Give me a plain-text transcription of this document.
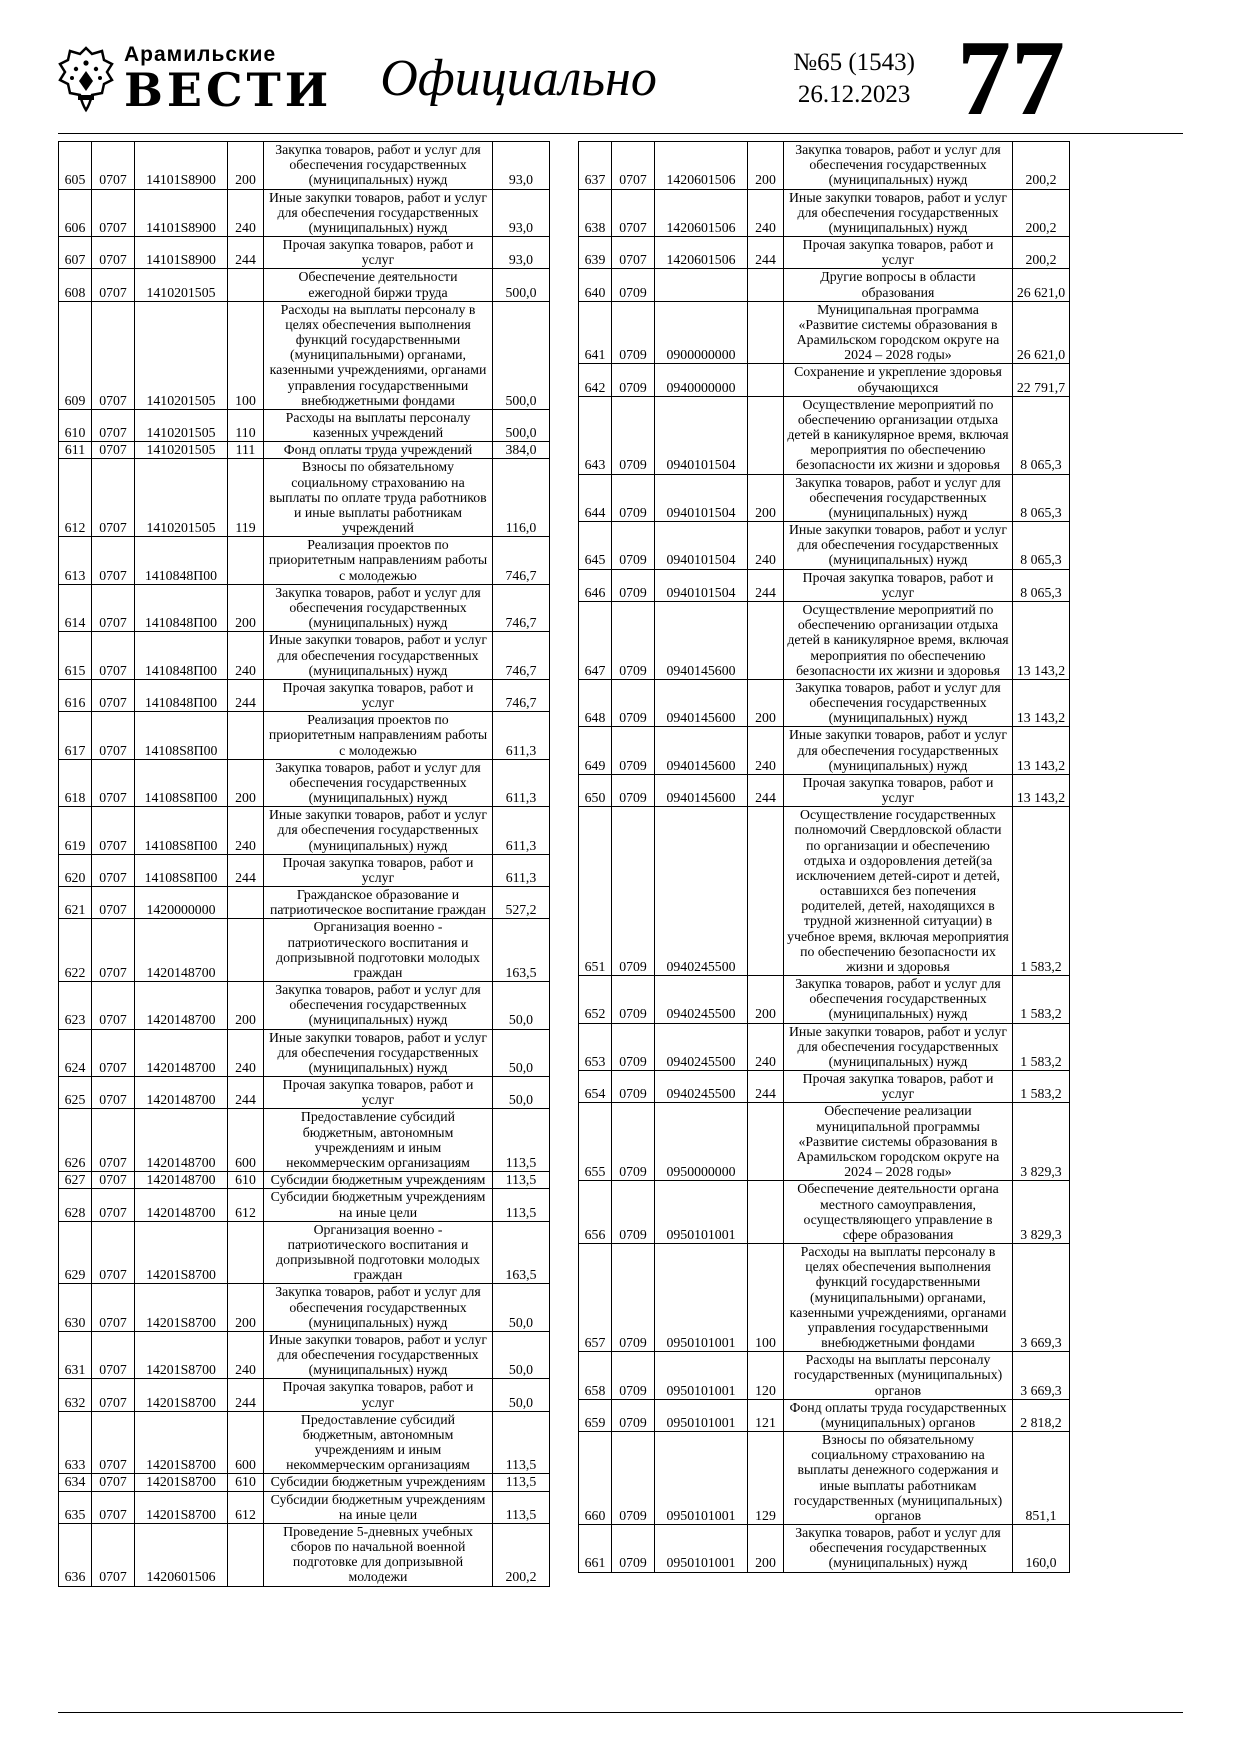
Арамильские
ВЕСТИ Официально	№65 (1543)
26.12.2023 77
605	0707	14101S8900	200	Закупка товаров, работ и услуг для обеспечения государственных (муниципальных) нужд	93,0
606	0707	14101S8900	240	Иные закупки товаров, работ и услуг для обеспечения государственных (муниципальных) нужд	93,0
607	0707	14101S8900	244	Прочая закупка товаров, работ и услуг	93,0
608	0707	1410201505		Обеспечение деятельности ежегодной биржи труда	500,0
609	0707	1410201505	100	Расходы на выплаты персоналу в целях обеспечения выполнения функций государственными (муниципальными) органами, казенными учреждениями, органами управления государственными внебюджетными фондами	500,0
610	0707	1410201505	110	Расходы на выплаты персоналу казенных учреждений	500,0
611	0707	1410201505	111	Фонд оплаты труда учреждений	384,0
612	0707	1410201505	119	Взносы по обязательному социальному страхованию на выплаты по оплате труда работников и иные выплаты работникам учреждений	116,0
613	0707	1410848П00		Реализация проектов по приоритетным направлениям работы с молодежью	746,7
614	0707	1410848П00	200	Закупка товаров, работ и услуг для обеспечения государственных (муниципальных) нужд	746,7
615	0707	1410848П00	240	Иные закупки товаров, работ и услуг для обеспечения государственных (муниципальных) нужд	746,7
616	0707	1410848П00	244	Прочая закупка товаров, работ и услуг	746,7
617	0707	14108S8П00		Реализация проектов по приоритетным направлениям работы с молодежью	611,3
618	0707	14108S8П00	200	Закупка товаров, работ и услуг для обеспечения государственных (муниципальных) нужд	611,3
619	0707	14108S8П00	240	Иные закупки товаров, работ и услуг для обеспечения государственных (муниципальных) нужд	611,3
620	0707	14108S8П00	244	Прочая закупка товаров, работ и услуг	611,3
621	0707	1420000000		Гражданское образование и патриотическое воспитание граждан	527,2
622	0707	1420148700		Организация военно - патриотического воспитания и допризывной подготовки молодых граждан	163,5
623	0707	1420148700	200	Закупка товаров, работ и услуг для обеспечения государственных (муниципальных) нужд	50,0
624	0707	1420148700	240	Иные закупки товаров, работ и услуг для обеспечения государственных (муниципальных) нужд	50,0
625	0707	1420148700	244	Прочая закупка товаров, работ и услуг	50,0
626	0707	1420148700	600	Предоставление субсидий бюджетным, автономным учреждениям и иным некоммерческим организациям	113,5
627	0707	1420148700	610	Субсидии бюджетным учреждениям	113,5
628	0707	1420148700	612	Субсидии бюджетным учреждениям на иные цели	113,5
629	0707	14201S8700		Организация военно - патриотического воспитания и допризывной подготовки молодых граждан	163,5
630	0707	14201S8700	200	Закупка товаров, работ и услуг для обеспечения государственных (муниципальных) нужд	50,0
631	0707	14201S8700	240	Иные закупки товаров, работ и услуг для обеспечения государственных (муниципальных) нужд	50,0
632	0707	14201S8700	244	Прочая закупка товаров, работ и услуг	50,0
633	0707	14201S8700	600	Предоставление субсидий бюджетным, автономным учреждениям и иным некоммерческим организациям	113,5
634	0707	14201S8700	610	Субсидии бюджетным учреждениям	113,5
635	0707	14201S8700	612	Субсидии бюджетным учреждениям на иные цели	113,5
636	0707	1420601506		Проведение 5-дневных учебных сборов по начальной военной подготовке для допризывной молодежи	200,2
637	0707	1420601506	200	Закупка товаров, работ и услуг для обеспечения государственных (муниципальных) нужд	200,2
638	0707	1420601506	240	Иные закупки товаров, работ и услуг для обеспечения государственных (муниципальных) нужд	200,2
639	0707	1420601506	244	Прочая закупка товаров, работ и услуг	200,2
640	0709			Другие вопросы в области образования	26 621,0
641	0709	0900000000		Муниципальная программа «Развитие системы образования в Арамильском городском округе на 2024 – 2028 годы»	26 621,0
642	0709	0940000000		Сохранение и укрепление здоровья обучающихся	22 791,7
643	0709	0940101504		Осуществление мероприятий по обеспечению организации отдыха детей в каникулярное время, включая мероприятия по обеспечению безопасности их жизни и здоровья	8 065,3
644	0709	0940101504	200	Закупка товаров, работ и услуг для обеспечения государственных (муниципальных) нужд	8 065,3
645	0709	0940101504	240	Иные закупки товаров, работ и услуг для обеспечения государственных (муниципальных) нужд	8 065,3
646	0709	0940101504	244	Прочая закупка товаров, работ и услуг	8 065,3
647	0709	0940145600		Осуществление мероприятий по обеспечению организации отдыха детей в каникулярное время, включая мероприятия по обеспечению безопасности их жизни и здоровья	13 143,2
648	0709	0940145600	200	Закупка товаров, работ и услуг для обеспечения государственных (муниципальных) нужд	13 143,2
649	0709	0940145600	240	Иные закупки товаров, работ и услуг для обеспечения государственных (муниципальных) нужд	13 143,2
650	0709	0940145600	244	Прочая закупка товаров, работ и услуг	13 143,2
651	0709	0940245500		Осуществление государственных полномочий Свердловской области по организации и обеспечению отдыха и оздоровления детей(за исключением детей-сирот и детей, оставшихся без попечения родителей, детей, находящихся в трудной жизненной ситуации) в учебное время, включая мероприятия по обеспечению безопасности их жизни и здоровья	1 583,2
652	0709	0940245500	200	Закупка товаров, работ и услуг для обеспечения государственных (муниципальных) нужд	1 583,2
653	0709	0940245500	240	Иные закупки товаров, работ и услуг для обеспечения государственных (муниципальных) нужд	1 583,2
654	0709	0940245500	244	Прочая закупка товаров, работ и услуг	1 583,2
655	0709	0950000000		Обеспечение реализации муниципальной программы «Развитие системы образования в Арамильском городском округе на 2024 – 2028 годы»	3 829,3
656	0709	0950101001		Обеспечение деятельности органа местного самоуправления, осуществляющего управление в сфере образования	3 829,3
657	0709	0950101001	100	Расходы на выплаты персоналу в целях обеспечения выполнения функций государственными (муниципальными) органами, казенными учреждениями, органами управления государственными внебюджетными фондами	3 669,3
658	0709	0950101001	120	Расходы на выплаты персоналу государственных (муниципальных) органов	3 669,3
659	0709	0950101001	121	Фонд оплаты труда государственных (муниципальных) органов	2 818,2
660	0709	0950101001	129	Взносы по обязательному социальному страхованию на выплаты денежного содержания и иные выплаты работникам государственных (муниципальных) органов	851,1
661	0709	0950101001	200	Закупка товаров, работ и услуг для обеспечения государственных (муниципальных) нужд	160,0
